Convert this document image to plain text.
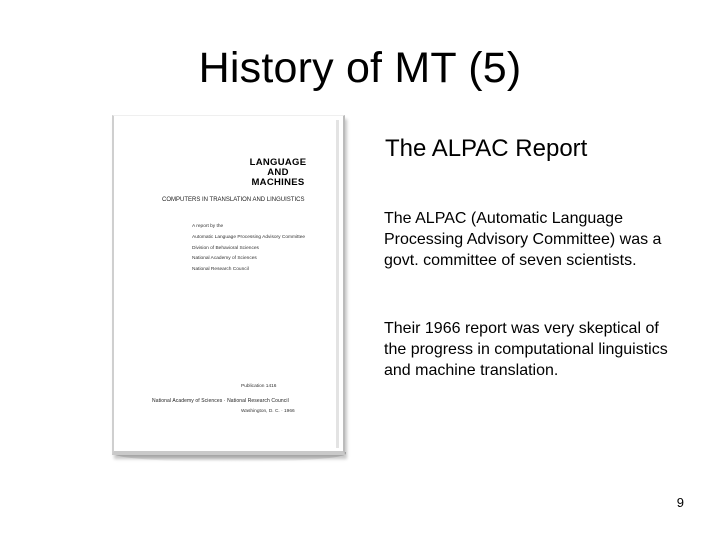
History of MT (5)
LANGUAGE
AND
MACHINES
COMPUTERS IN TRANSLATION AND LINGUISTICS
A report by the
Automatic Language Processing Advisory Committee
Division of Behavioral Sciences
National Academy of Sciences
National Research Council
Publication 1416
National Academy of Sciences · National Research Council
Washington, D. C. · 1966
The ALPAC Report
The ALPAC (Automatic Language Processing Advisory Committee) was a govt. committee of seven scientists.
Their 1966 report was very skeptical of the progress in computational linguistics and machine translation.
9
